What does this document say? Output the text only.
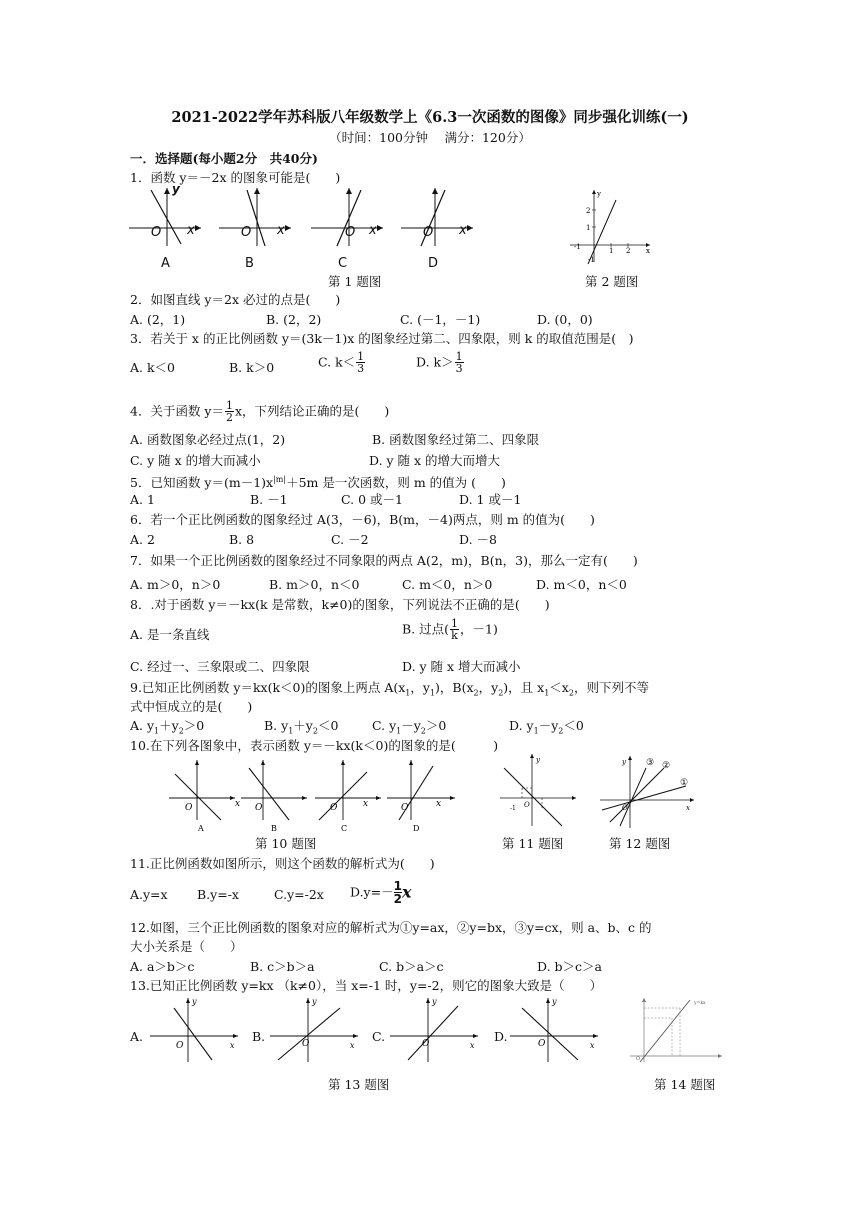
2021-2022学年苏科版八年级数学上《6.3一次函数的图像》同步强化训练(一)
（时间：100分钟　 满分：120分）
一．选择题(每小题2分　共40分)
1．函数 y＝－2x 的图象可能是(　　)
y
O x	O x	O x	O x
A	B	C	D
第 1 题图
2
1
-1
-1	1 2 x
y
第 2 题图
2．如图直线 y＝2x 必过的点是(　　)
A. (2，1)	B. (2，2)	C. (－1，－1)	D. (0，0)
3．若关于 x 的正比例函数 y＝(3k－1)x 的图象经过第二、四象限，则 k 的取值范围是(　)
A. k＜0	B. k＞0	C. $k< \frac{1}{3}$	D. $k> \frac{1}{3}$
4．关于函数 $y= \frac{1}{2}$ x，下列结论正确的是(　　)
A. 函数图象必经过点(1，2)	B. 函数图象经过第二、四象限
C. y 随 x 的增大而减小	D. y 随 x 的增大而增大
5．已知函数 $y=(m-1)x^{|m|}+5m$ 是一次函数，则 m 的值为 (　　)
A. 1	B. －1	C. 0 或－1	D. 1 或－1
6．若一个正比例函数的图象经过 A(3，－6)，B(m，－4)两点，则 m 的值为(　　)
A. 2	B. 8	C. －2	D. －8
7．如果一个正比例函数的图象经过不同象限的两点 A(2，m)，B(n，3)，那么一定有(　　)
A. m＞0，n＞0	B. m＞0，n＜0	C. m＜0，n＞0	D. m＜0，n＜0
8．.对于函数 y＝－kx(k 是常数，k≠0)的图象，下列说法不正确的是(　　)
A. 是一条直线	B. 过点( $\frac{1}{k}$ ，－1)
C. 经过一、三象限或二、四象限	D. y 随 x 增大而减小
9.已知正比例函数 y＝kx(k＜0)的图象上两点 $A(x_1$，$y_1$)，$B(x_2$，$y_2$)，且 $x_1<x_2$，则下列不等
式中恒成立的是(　　)
A. $y_1+y_2>0$	B. $y_1+y_2<0$	C. $y_1-y_2>0$	D. $y_1-y_2<0$
10.在下列各图象中，表示函数 y＝－kx(k＜0)的图象的是(　　　)
x	x
x
O	O	O	O
A	B	C	D
第 10 题图
-1 O
y
第 11 题图
③ ②
①
y
O	x
第 12 题图
11.正比例函数如图所示，则这个函数的解析式为(　　)
A.y=x B.y=-x	C.y=-2x $D.y=- \frac{1}{2}$ x
12.如图，三个正比例函数的图象对应的解析式为①y=ax，②y=bx，③y=cx，则 a、b、c 的
大小关系是（　　）
A. a＞b＞c	B. c＞b＞a	C. b＞a＞c	D. b＞c＞a
13.已知正比例函数 y=kx （k≠0），当 x=-1 时，y=-2，则它的图象大致是（　　）
A.	B.	C.	D.
O	x
y
O	x
y
O	x
y
O	x
y
第 13 题图
y=kx
O
第 14 题图
